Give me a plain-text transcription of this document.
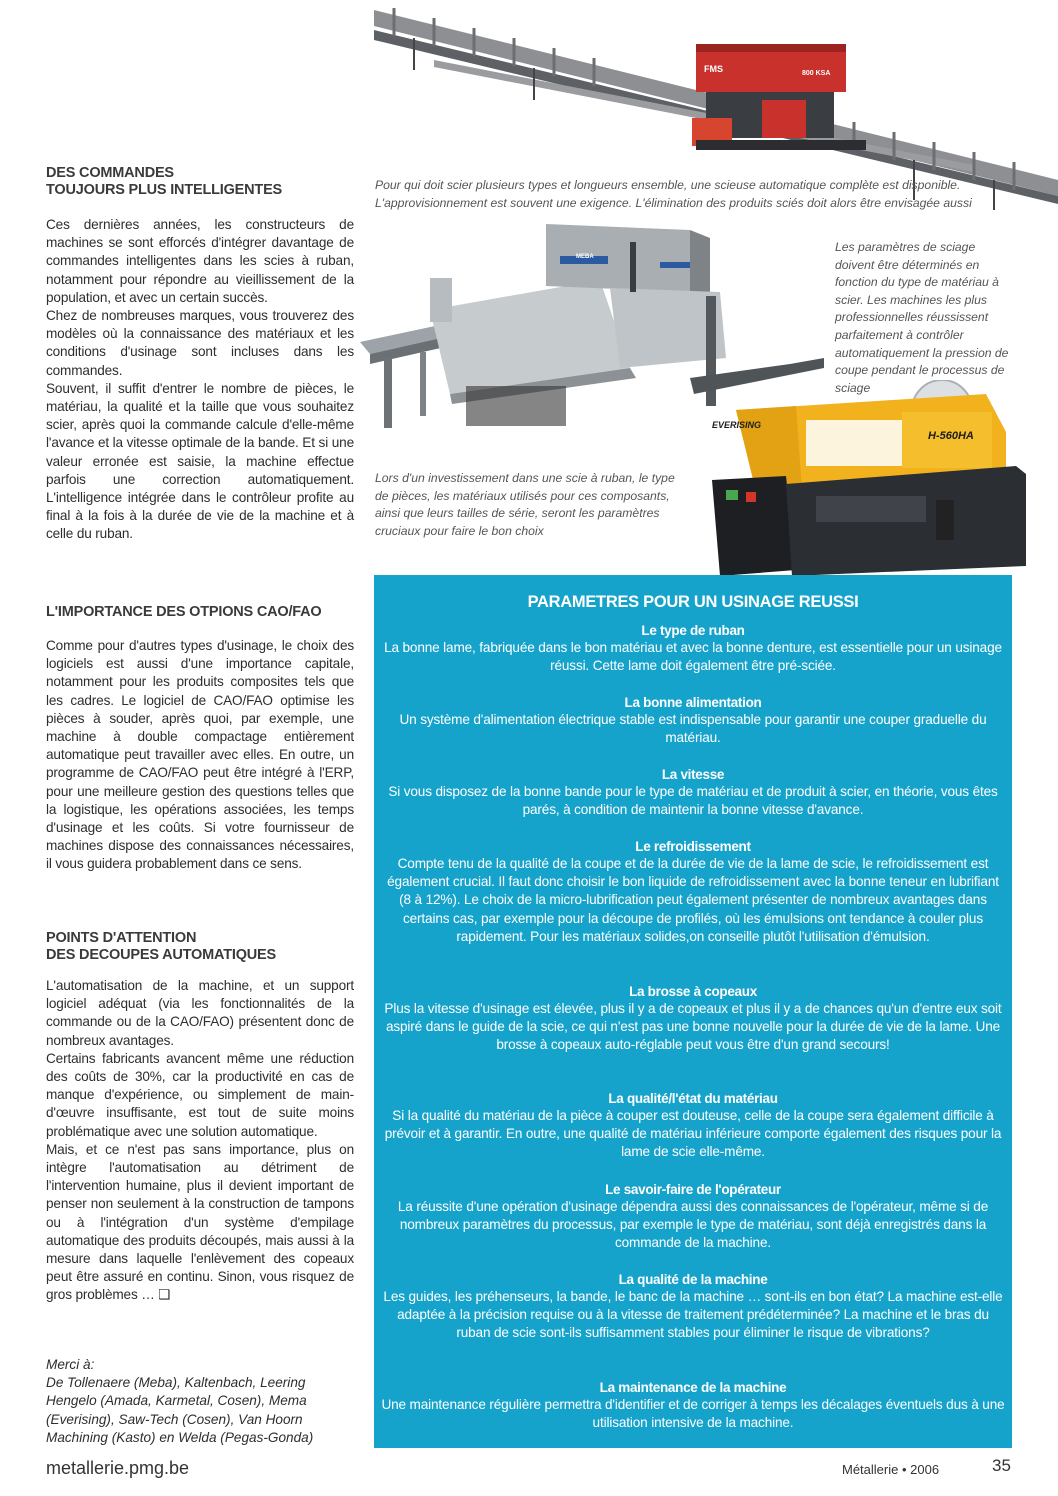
FMS	800 KSA
Pour qui doit scier plusieurs types et longueurs ensemble, une scieuse automatique complète est disponible. L'approvisionnement est souvent une exigence. L'élimination des produits sciés doit alors être envisagée aussi
MEBA
Les paramètres de sciage doivent être déterminés en fonction du type de matériau à scier. Les machines les plus professionnelles réussissent parfaitement à contrôler automatiquement la pression de coupe pendant le processus de sciage
EVERISING
H-560HA
Lors d'un investissement dans une scie à ruban, le type de pièces, les matériaux utilisés pour ces composants, ainsi que leurs tailles de série, seront les paramètres cruciaux pour faire le bon choix
DES COMMANDES
TOUJOURS PLUS INTELLIGENTES

Ces dernières années, les constructeurs de machines se sont efforcés d'intégrer davantage de commandes intelligentes dans les scies à ruban, notamment pour répondre au vieillissement de la population, et avec un certain succès.

Chez de nombreuses marques, vous trouverez des modèles où la connaissance des matériaux et les conditions d'usinage sont incluses dans les commandes.

Souvent, il suffit d'entrer le nombre de pièces, le matériau, la qualité et la taille que vous souhaitez scier, après quoi la commande calcule d'elle-même l'avance et la vitesse optimale de la bande. Et si une valeur erronée est saisie, la machine effectue parfois une correction automatiquement. L'intelligence intégrée dans le contrôleur profite au final à la fois à la durée de vie de la machine et à celle du ruban.

L'IMPORTANCE DES OTPIONS CAO/FAO

Comme pour d'autres types d'usinage, le choix des logiciels est aussi d'une importance capitale, notamment pour les produits composites tels que les cadres. Le logiciel de CAO/FAO optimise les pièces à souder, après quoi, par exemple, une machine à double compactage entièrement automatique peut travailler avec elles. En outre, un programme de CAO/FAO peut être intégré à l'ERP, pour une meilleure gestion des questions telles que la logistique, les opérations associées, les temps d'usinage et les coûts. Si votre fournisseur de machines dispose des connaissances nécessaires, il vous guidera probablement dans ce sens.

POINTS D'ATTENTION
DES DECOUPES AUTOMATIQUES

L'automatisation de la machine, et un support logiciel adéquat (via les fonctionnalités de la commande ou de la CAO/FAO) présentent donc de nombreux avantages.

Certains fabricants avancent même une réduction des coûts de 30%, car la productivité en cas de manque d'expérience, ou simplement de main-d'œuvre insuffisante, est tout de suite moins problématique avec une solution automatique.

Mais, et ce n'est pas sans importance, plus on intègre l'automatisation au détriment de l'intervention humaine, plus il devient important de penser non seulement à la construction de tampons ou à l'intégration d'un système d'empilage automatique des produits découpés, mais aussi à la mesure dans laquelle l'enlèvement des copeaux peut être assuré en continu. Sinon, vous risquez de gros problèmes … ❑

Merci à:
De Tollenaere (Meba), Kaltenbach, Leering Hengelo (Amada, Karmetal, Cosen), Mema (Everising), Saw-Tech (Cosen), Van Hoorn Machining (Kasto) en Welda (Pegas-Gonda)
PARAMETRES POUR UN USINAGE REUSSI
Le type de ruban
La bonne lame, fabriquée dans le bon matériau et avec la bonne denture, est essentielle pour un usinage réussi. Cette lame doit également être pré-sciée.
La bonne alimentation
Un système d'alimentation électrique stable est indispensable pour garantir une couper graduelle du matériau.
La vitesse
Si vous disposez de la bonne bande pour le type de matériau et de produit à scier, en théorie, vous êtes parés, à condition de maintenir la bonne vitesse d'avance.
Le refroidissement
Compte tenu de la qualité de la coupe et de la durée de vie de la lame de scie, le refroidissement est également crucial. Il faut donc choisir le bon liquide de refroidissement avec la bonne teneur en lubrifiant (8 à 12%). Le choix de la micro-lubrification peut également présenter de nombreux avantages dans certains cas, par exemple pour la découpe de profilés, où les émulsions ont tendance à couler plus rapidement. Pour les matériaux solides,on conseille plutôt l'utilisation d'émulsion.
La brosse à copeaux
Plus la vitesse d'usinage est élevée, plus il y a de copeaux et plus il y a de chances qu'un d'entre eux soit aspiré dans le guide de la scie, ce qui n'est pas une bonne nouvelle pour la durée de vie de la lame. Une brosse à copeaux auto-réglable peut vous être d'un grand secours!
La qualité/l'état du matériau
Si la qualité du matériau de la pièce à couper est douteuse, celle de la coupe sera également difficile à prévoir et à garantir. En outre, une qualité de matériau inférieure comporte également des risques pour la lame de scie elle-même.
Le savoir-faire de l'opérateur
La réussite d'une opération d'usinage dépendra aussi des connaissances de l'opérateur, même si de nombreux paramètres du processus, par exemple le type de matériau, sont déjà enregistrés dans la commande de la machine.
La qualité de la machine
Les guides, les préhenseurs, la bande, le banc de la machine … sont-ils en bon état? La machine est-elle adaptée à la précision requise ou à la vitesse de traitement prédéterminée? La machine et le bras du ruban de scie sont-ils suffisamment stables pour éliminer le risque de vibrations?
La maintenance de la machine
Une maintenance régulière permettra d'identifier et de corriger à temps les décalages éventuels dus à une utilisation intensive de la machine.
metallerie.pmg.be	Métallerie • 2006	35
